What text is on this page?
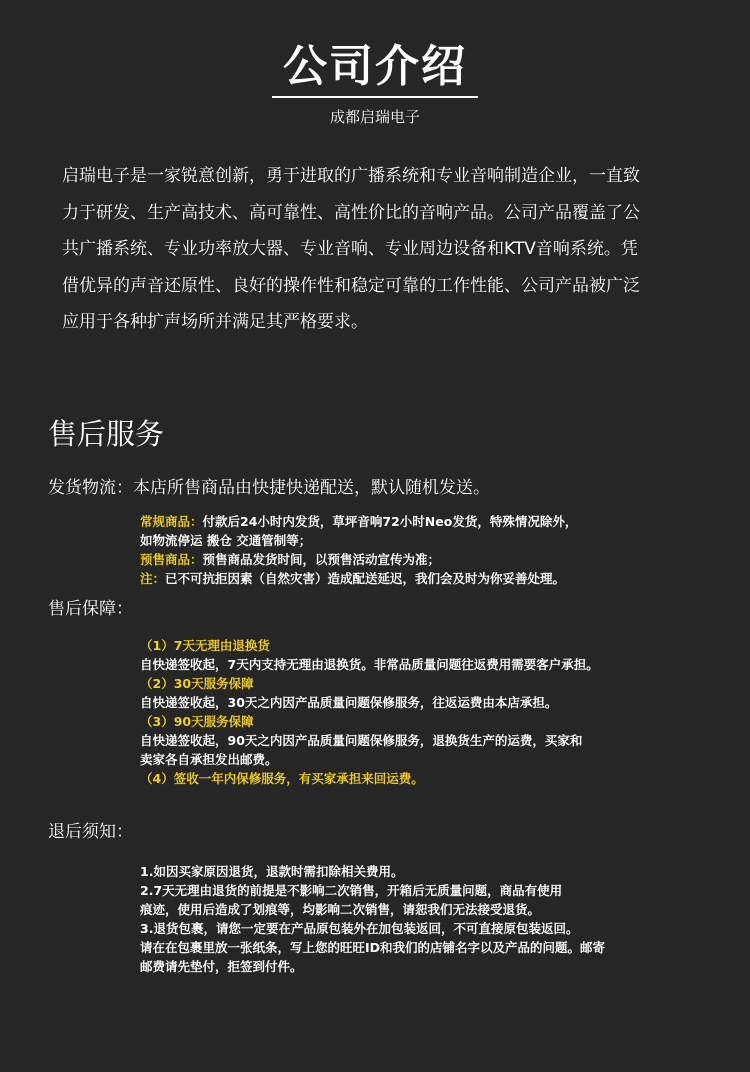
公司介绍
成都启瑞电子

启瑞电子是一家锐意创新，勇于进取的广播系统和专业音响制造企业，一直致
力于研发、生产高技术、高可靠性、高性价比的音响产品。公司产品覆盖了公
共广播系统、专业功率放大器、专业音响、专业周边设备和KTV音响系统。凭
借优异的声音还原性、良好的操作性和稳定可靠的工作性能、公司产品被广泛
应用于各种扩声场所并满足其严格要求。

售后服务
发货物流：本店所售商品由快捷快递配送，默认随机发送。
常规商品：付款后24小时内发货，草坪音响72小时Neo发货，特殊情况除外，
如物流停运 搬仓 交通管制等；
预售商品：预售商品发货时间，以预售活动宣传为准；
注：已不可抗拒因素（自然灾害）造成配送延迟，我们会及时为你妥善处理。
售后保障：
（1）7天无理由退换货
自快递签收起，7天内支持无理由退换货。非常品质量问题往返费用需要客户承担。
（2）30天服务保障
自快递签收起，30天之内因产品质量问题保修服务，往返运费由本店承担。
（3）90天服务保障
自快递签收起，90天之内因产品质量问题保修服务，退换货生产的运费，买家和
卖家各自承担发出邮费。
（4）签收一年内保修服务，有买家承担来回运费。
退后须知：
1.如因买家原因退货，退款时需扣除相关费用。
2.7天无理由退货的前提是不影响二次销售，开箱后无质量问题，商品有使用
痕迹，使用后造成了划痕等，均影响二次销售，请恕我们无法接受退货。
3.退货包裹，请您一定要在产品原包装外在加包装返回，不可直接原包装返回。
请在在包裹里放一张纸条，写上您的旺旺ID和我们的店铺名字以及产品的问题。邮寄
邮费请先垫付，拒签到付件。
